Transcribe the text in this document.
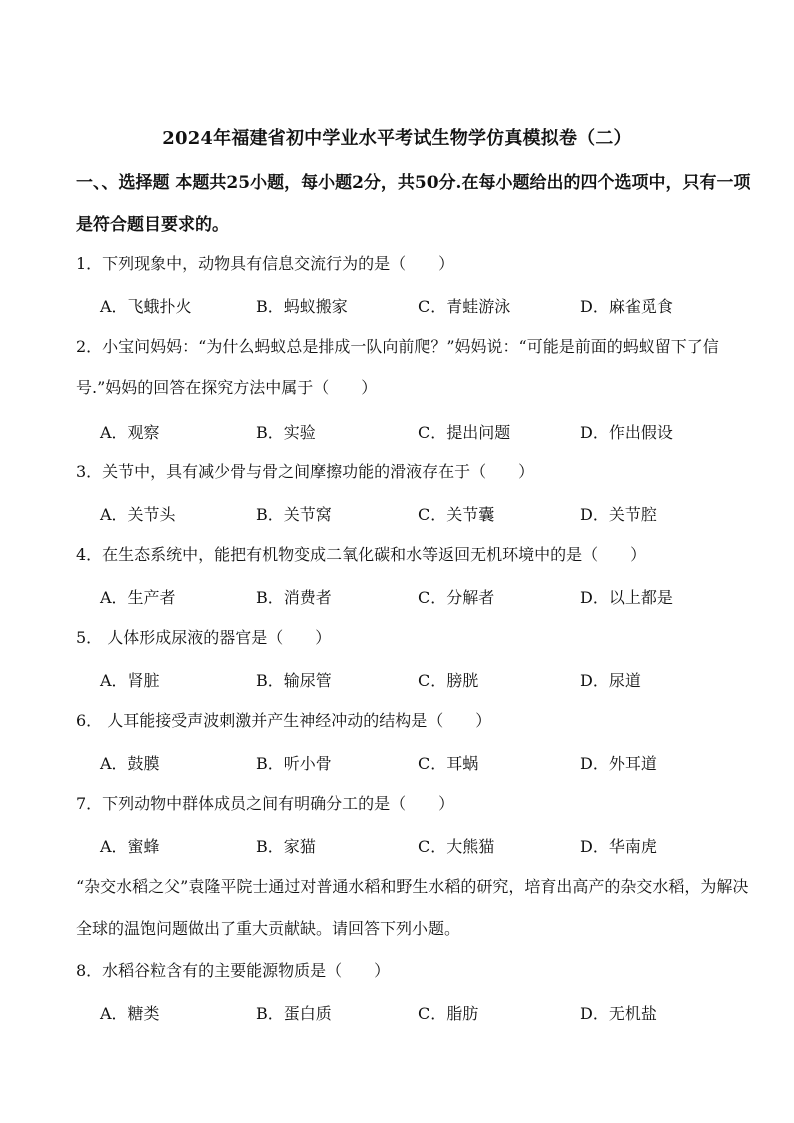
2024年福建省初中学业水平考试生物学仿真模拟卷（二）
一、、选择题 本题共25小题，每小题2分，共50分.在每小题给出的四个选项中，只有一项是符合题目要求的。
1．下列现象中，动物具有信息交流行为的是（　　）
A．飞蛾扑火	B．蚂蚁搬家	C．青蛙游泳	D．麻雀觅食
2．小宝问妈妈：“为什么蚂蚁总是排成一队向前爬？”妈妈说：“可能是前面的蚂蚁留下了信号.”妈妈的回答在探究方法中属于（　　）
A．观察	B．实验	C．提出问题	D．作出假设
3．关节中，具有减少骨与骨之间摩擦功能的滑液存在于（　　）
A．关节头	B．关节窝	C．关节囊	D．关节腔
4．在生态系统中，能把有机物变成二氧化碳和水等返回无机环境中的是（　　）
A．生产者	B．消费者	C．分解者	D．以上都是
5． 人体形成尿液的器官是（　　）
A．肾脏	B．输尿管	C．膀胱	D．尿道
6． 人耳能接受声波刺激并产生神经冲动的结构是（　　）
A．鼓膜	B．听小骨	C．耳蜗	D．外耳道
7．下列动物中群体成员之间有明确分工的是（　　）
A．蜜蜂	B．家猫	C．大熊猫	D．华南虎
“杂交水稻之父”袁隆平院士通过对普通水稻和野生水稻的研究，培育出高产的杂交水稻，为解决全球的温饱问题做出了重大贡献缺。请回答下列小题。
8．水稻谷粒含有的主要能源物质是（　　）
A．糖类	B．蛋白质	C．脂肪	D．无机盐
